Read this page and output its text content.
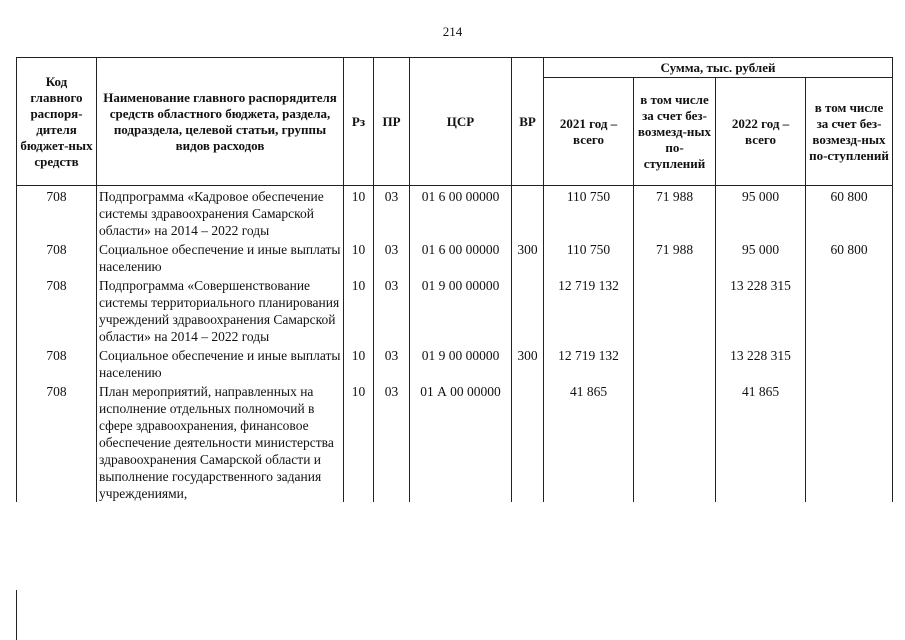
214
Код главного распоря-дителя бюджет-ных средств	Наименование главного распорядителя средств областного бюджета, раздела, подраздела, целевой статьи, группы видов расходов	Рз	ПР	ЦСР	ВР	Сумма, тыс. рублей			
						2021 год – всего	в том числе за счет без-возмезд-ных по-ступлений	2022 год – всего	в том числе за счет без-возмезд-ных по-ступлений
708	Подпрограмма «Кадровое обеспечение системы здравоохранения Самарской области» на 2014 – 2022 годы	10	03	01 6 00 00000		110 750	71 988	95 000	60 800
708	Социальное обеспечение и иные выплаты населению	10	03	01 6 00 00000	300	110 750	71 988	95 000	60 800
708	Подпрограмма «Совершенствование системы территориального планирования учреждений здравоохранения Самарской области» на 2014 – 2022 годы	10	03	01 9 00 00000		12 719 132		13 228 315	
708	Социальное обеспечение и иные выплаты населению	10	03	01 9 00 00000	300	12 719 132		13 228 315	
708	План мероприятий, направленных на исполнение отдельных полномочий в сфере здравоохранения, финансовое обеспечение деятельности министерства здравоохранения Самарской области и выполнение государственного задания учреждениями,	10	03	01 А 00 00000		41 865		41 865	
